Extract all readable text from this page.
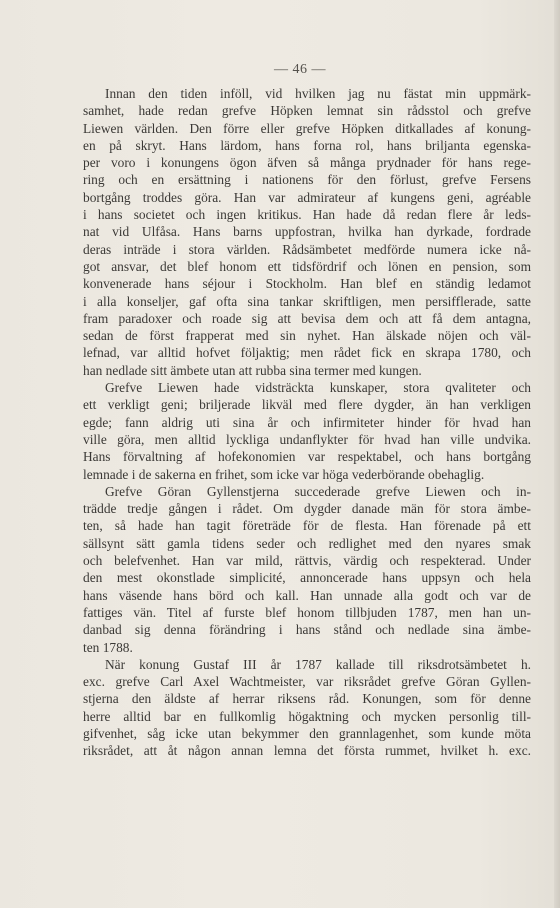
— 46 —
Innan den tiden inföll, vid hvilken jag nu fästat min uppmärk-
samhet, hade redan grefve Höpken lemnat sin rådsstol och grefve
Liewen världen. Den förre eller grefve Höpken ditkallades af konung-
en på skryt. Hans lärdom, hans forna rol, hans briljanta egenska-
per voro i konungens ögon äfven så många prydnader för hans rege-
ring och en ersättning i nationens för den förlust, grefve Fersens
bortgång troddes göra. Han var admirateur af kungens geni, agréable
i hans societet och ingen kritikus. Han hade då redan flere år leds-
nat vid Ulfåsa. Hans barns uppfostran, hvilka han dyrkade, fordrade
deras inträde i stora världen. Rådsämbetet medförde numera icke nå-
got ansvar, det blef honom ett tidsfördrif och lönen en pension, som
konvenerade hans séjour i Stockholm. Han blef en ständig ledamot
i alla konseljer, gaf ofta sina tankar skriftligen, men persifflerade, satte
fram paradoxer och roade sig att bevisa dem och att få dem antagna,
sedan de först frapperat med sin nyhet. Han älskade nöjen och väl-
lefnad, var alltid hofvet följaktig; men rådet fick en skrapa 1780, och
han nedlade sitt ämbete utan att rubba sina termer med kungen.
Grefve Liewen hade vidsträckta kunskaper, stora qvaliteter och
ett verkligt geni; briljerade likväl med flere dygder, än han verkligen
egde; fann aldrig uti sina år och infirmiteter hinder för hvad han
ville göra, men alltid lyckliga undanflykter för hvad han ville undvika.
Hans förvaltning af hofekonomien var respektabel, och hans bortgång
lemnade i de sakerna en frihet, som icke var höga vederbörande obehaglig.
Grefve Göran Gyllenstjerna succederade grefve Liewen och in-
trädde tredje gången i rådet. Om dygder danade män för stora ämbe-
ten, så hade han tagit företräde för de flesta. Han förenade på ett
sällsynt sätt gamla tidens seder och redlighet med den nyares smak
och belefvenhet. Han var mild, rättvis, värdig och respekterad. Under
den mest okonstlade simplicité, annoncerade hans uppsyn och hela
hans väsende hans börd och kall. Han unnade alla godt och var de
fattiges vän. Titel af furste blef honom tillbjuden 1787, men han un-
danbad sig denna förändring i hans stånd och nedlade sina ämbe-
ten 1788.
När konung Gustaf III år 1787 kallade till riksdrotsämbetet h.
exc. grefve Carl Axel Wachtmeister, var riksrådet grefve Göran Gyllen-
stjerna den äldste af herrar riksens råd. Konungen, som för denne
herre alltid bar en fullkomlig högaktning och mycken personlig till-
gifvenhet, såg icke utan bekymmer den grannlagenhet, som kunde möta
riksrådet, att åt någon annan lemna det första rummet, hvilket h. exc.
